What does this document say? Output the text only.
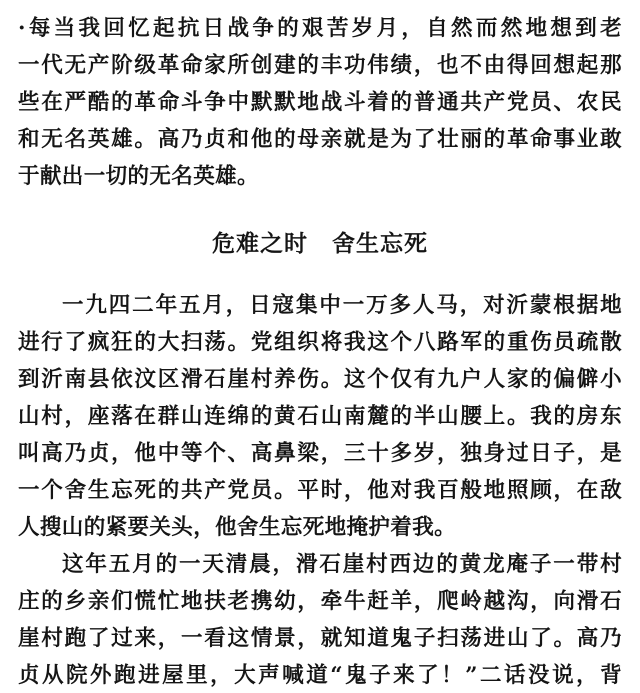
·每当我回忆起抗日战争的艰苦岁月，自然而然地想到老
一代无产阶级革命家所创建的丰功伟绩，也不由得回想起那
些在严酷的革命斗争中默默地战斗着的普通共产党员、农民
和无名英雄。高乃贞和他的母亲就是为了壮丽的革命事业敢
于献出一切的无名英雄。
危难之时　舍生忘死
一九四二年五月，日寇集中一万多人马，对沂蒙根据地
进行了疯狂的大扫荡。党组织将我这个八路军的重伤员疏散
到沂南县依汶区滑石崖村养伤。这个仅有九户人家的偏僻小
山村，座落在群山连绵的黄石山南麓的半山腰上。我的房东
叫高乃贞，他中等个、高鼻梁，三十多岁，独身过日子，是
一个舍生忘死的共产党员。平时，他对我百般地照顾，在敌
人搜山的紧要关头，他舍生忘死地掩护着我。
这年五月的一天清晨，滑石崖村西边的黄龙庵子一带村
庄的乡亲们慌忙地扶老携幼，牵牛赶羊，爬岭越沟，向滑石
崖村跑了过来，一看这情景，就知道鬼子扫荡进山了。高乃
贞从院外跑进屋里，大声喊道“鬼子来了！”二话没说，背
